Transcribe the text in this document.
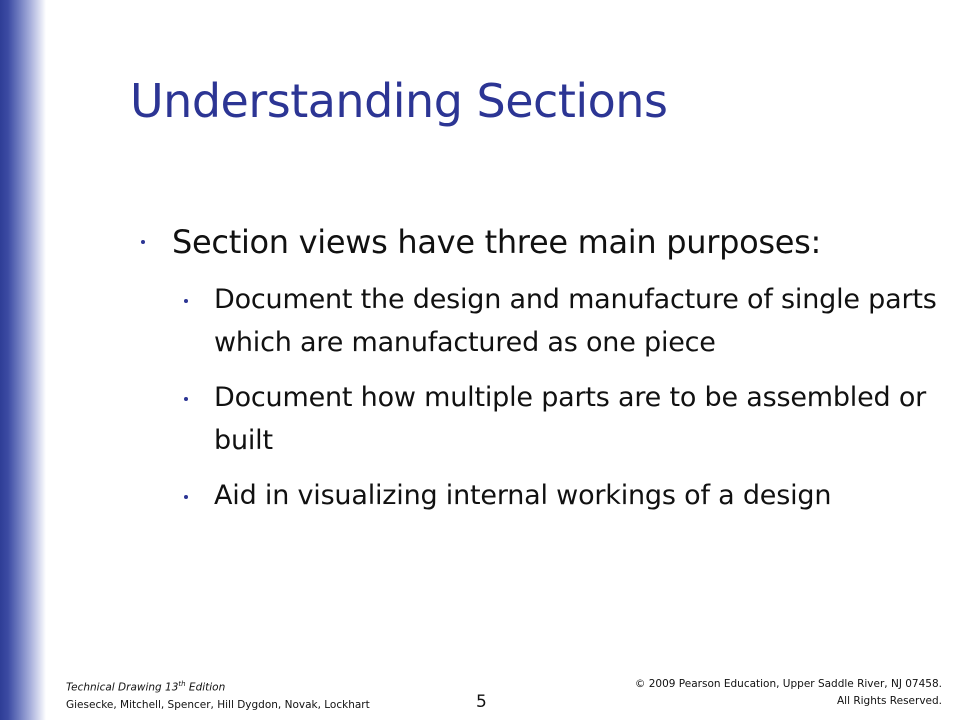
Understanding Sections
Section views have three main purposes:
Document the design and manufacture of single parts which are manufactured as one piece
Document how multiple parts are to be assembled or built
Aid in visualizing internal workings of a design
Technical Drawing 13th Edition
Giesecke, Mitchell, Spencer, Hill Dygdon, Novak, Lockhart	5
© 2009 Pearson Education, Upper Saddle River, NJ 07458.
All Rights Reserved.
